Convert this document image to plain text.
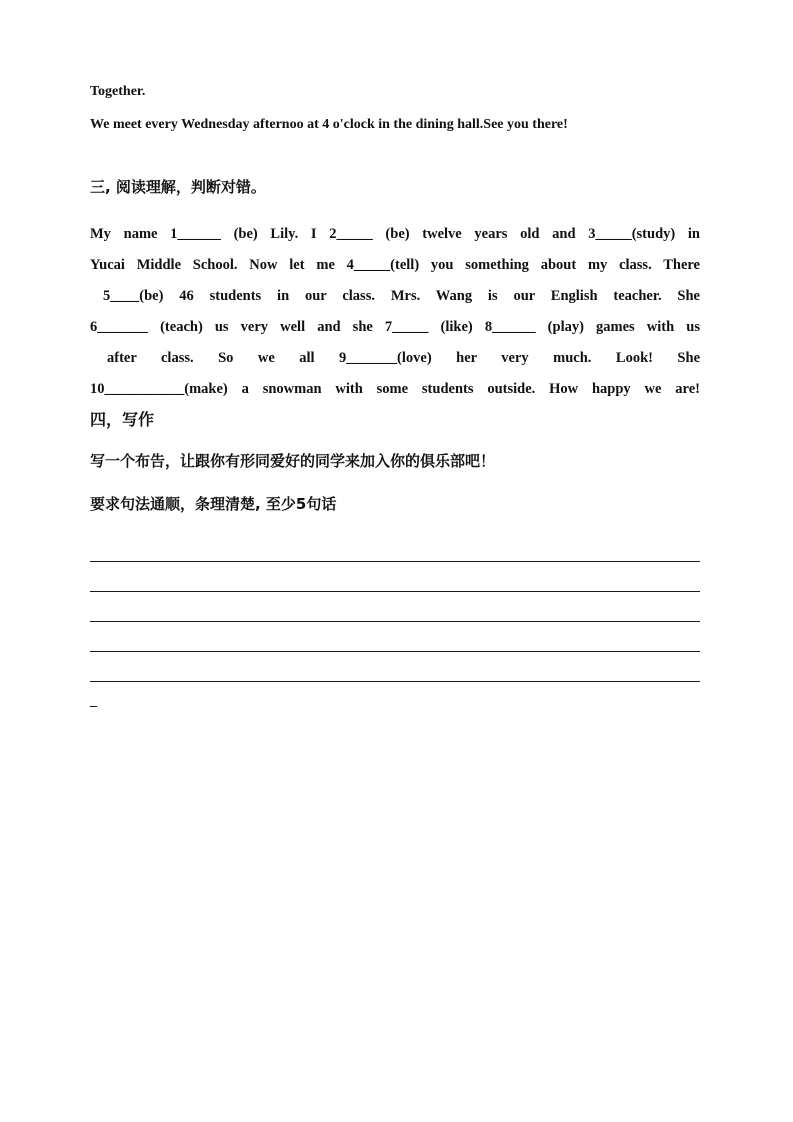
Together.
We meet every Wednesday afternoo at 4 o'clock in the dining hall.See you there!
三, 阅读理解，判断对错。
My name 1______ (be) Lily. I 2_____ (be) twelve years old and 3_____(study) in
Yucai Middle School. Now let me 4_____(tell) you something about my class. There
5____(be) 46 students in our class. Mrs. Wang is our English teacher. She
6_______ (teach) us very well and she 7_____ (like) 8______ (play) games with us
after class. So we all 9_______(love) her very much. Look! She
10___________(make) a snowman with some students outside. How happy we are!
四，写作
写一个布告，让跟你有形同爱好的同学来加入你的俱乐部吧！
要求句法通顺，条理清楚, 至少5句话
_
